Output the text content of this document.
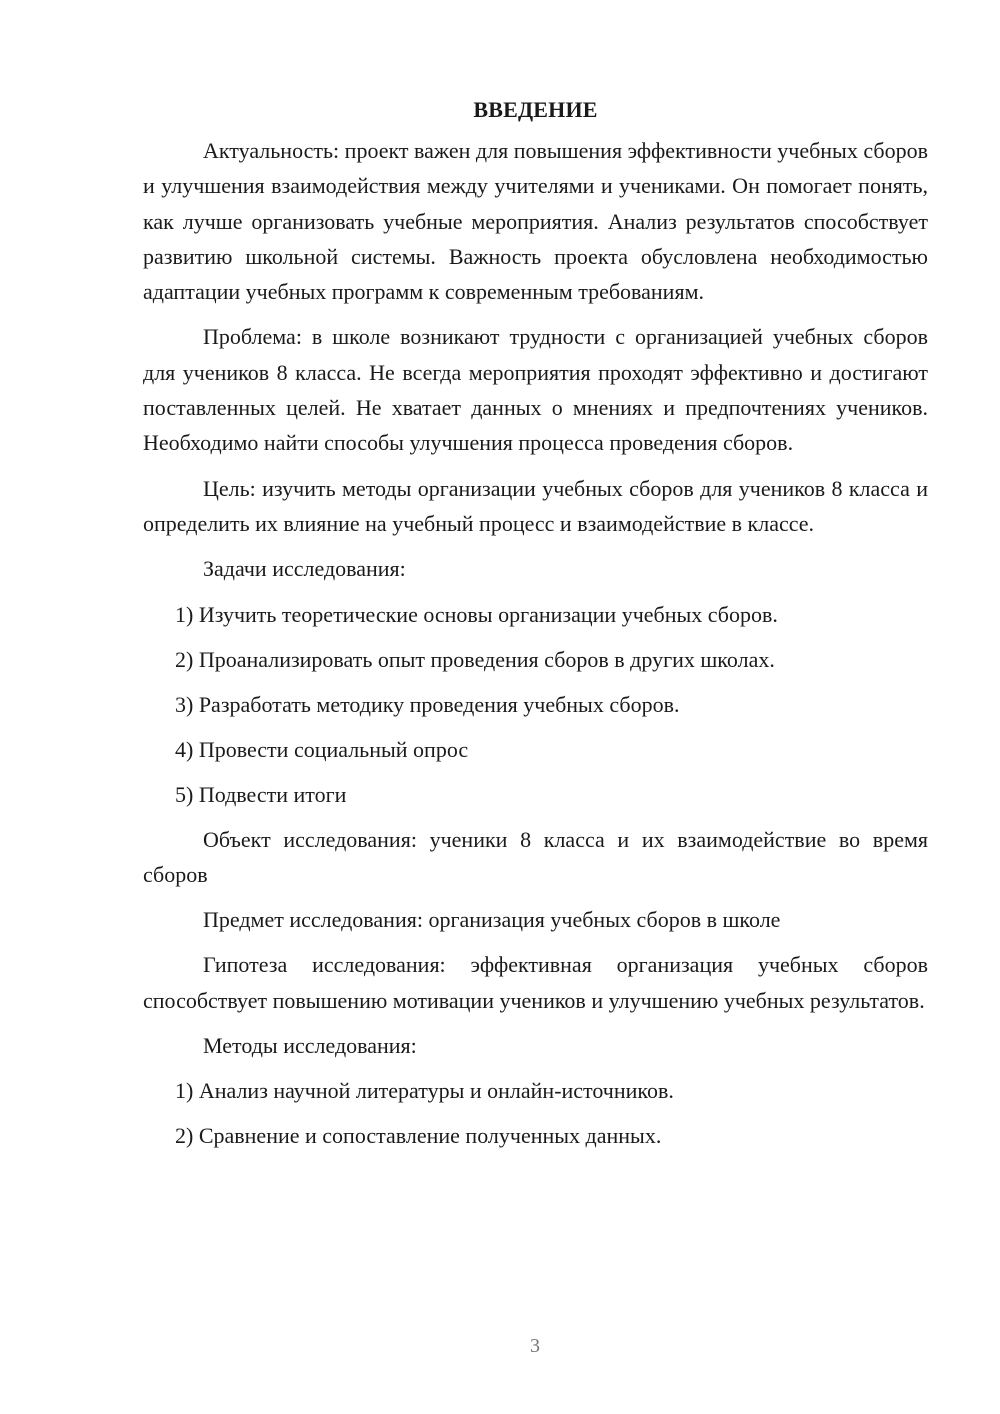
ВВЕДЕНИЕ

Актуальность: проект важен для повышения эффективности учебных сборов и улучшения взаимодействия между учителями и учениками. Он помогает понять, как лучше организовать учебные мероприятия. Анализ результатов способствует развитию школьной системы. Важность проекта обусловлена необходимостью адаптации учебных программ к современным требованиям.

Проблема: в школе возникают трудности с организацией учебных сборов для учеников 8 класса. Не всегда мероприятия проходят эффективно и достигают поставленных целей. Не хватает данных о мнениях и предпочтениях учеников. Необходимо найти способы улучшения процесса проведения сборов.

Цель: изучить методы организации учебных сборов для учеников 8 класса и определить их влияние на учебный процесс и взаимодействие в классе.

Задачи исследования:

1) Изучить теоретические основы организации учебных сборов.
2) Проанализировать опыт проведения сборов в других школах.
3) Разработать методику проведения учебных сборов.
4) Провести социальный опрос
5) Подвести итоги

Объект исследования: ученики 8 класса и их взаимодействие во время сборов

Предмет исследования: организация учебных сборов в школе

Гипотеза исследования: эффективная организация учебных сборов способствует повышению мотивации учеников и улучшению учебных результатов.

Методы исследования:

1) Анализ научной литературы и онлайн-источников.
2) Сравнение и сопоставление полученных данных.
3
